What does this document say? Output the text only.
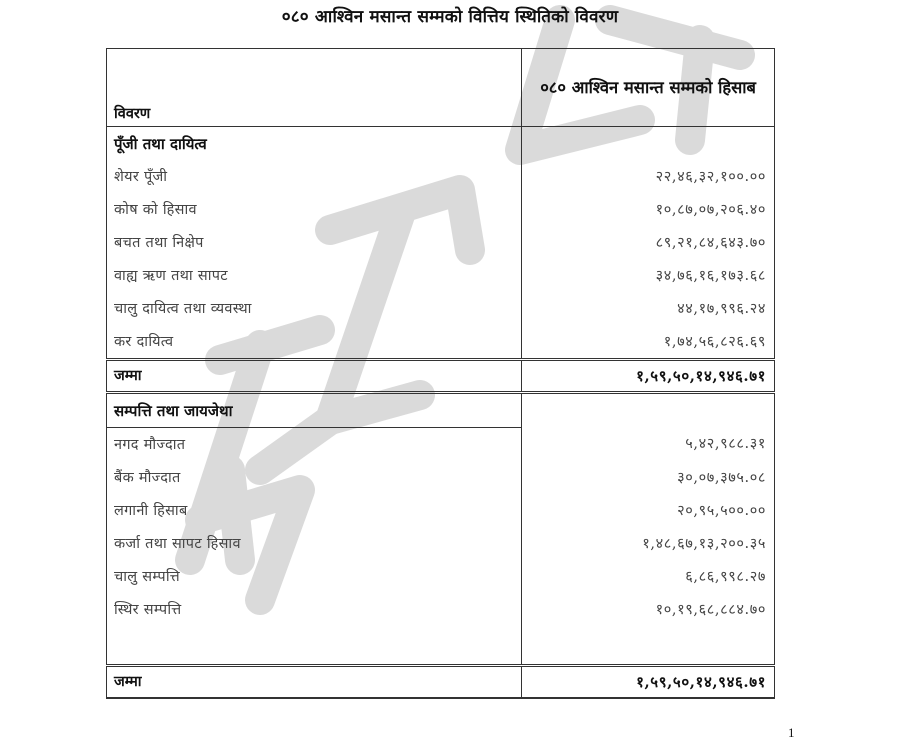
०८० आश्विन मसान्त सम्मको वित्तिय स्थितिको विवरण
विवरण	०८० आश्विन मसान्त सम्मको हिसाब
पूँजी तथा दायित्व	
शेयर पूँजी	२२,४६,३२,१००.००
कोष को हिसाव	१०,८७,०७,२०६.४०
बचत तथा निक्षेप	८९,२१,८४,६४३.७०
वाह्य ऋण तथा सापट	३४,७६,१६,१७३.६८
चालु दायित्व तथा व्यवस्था	४४,१७,९९६.२४
कर दायित्व	१,७४,५६,८२६.६९
जम्मा	१,५९,५०,१४,९४६.७१
सम्पत्ति तथा जायजेथा	
नगद मौज्दात	५,४२,९८८.३१
बैंक मौज्दात	३०,०७,३७५.०८
लगानी हिसाब	२०,९५,५००.००
कर्जा तथा सापट हिसाव	१,४८,६७,१३,२००.३५
चालु सम्पत्ति	६,८६,९९८.२७
स्थिर सम्पत्ति	१०,१९,६८,८८४.७०

जम्मा	१,५९,५०,१४,९४६.७१
1
